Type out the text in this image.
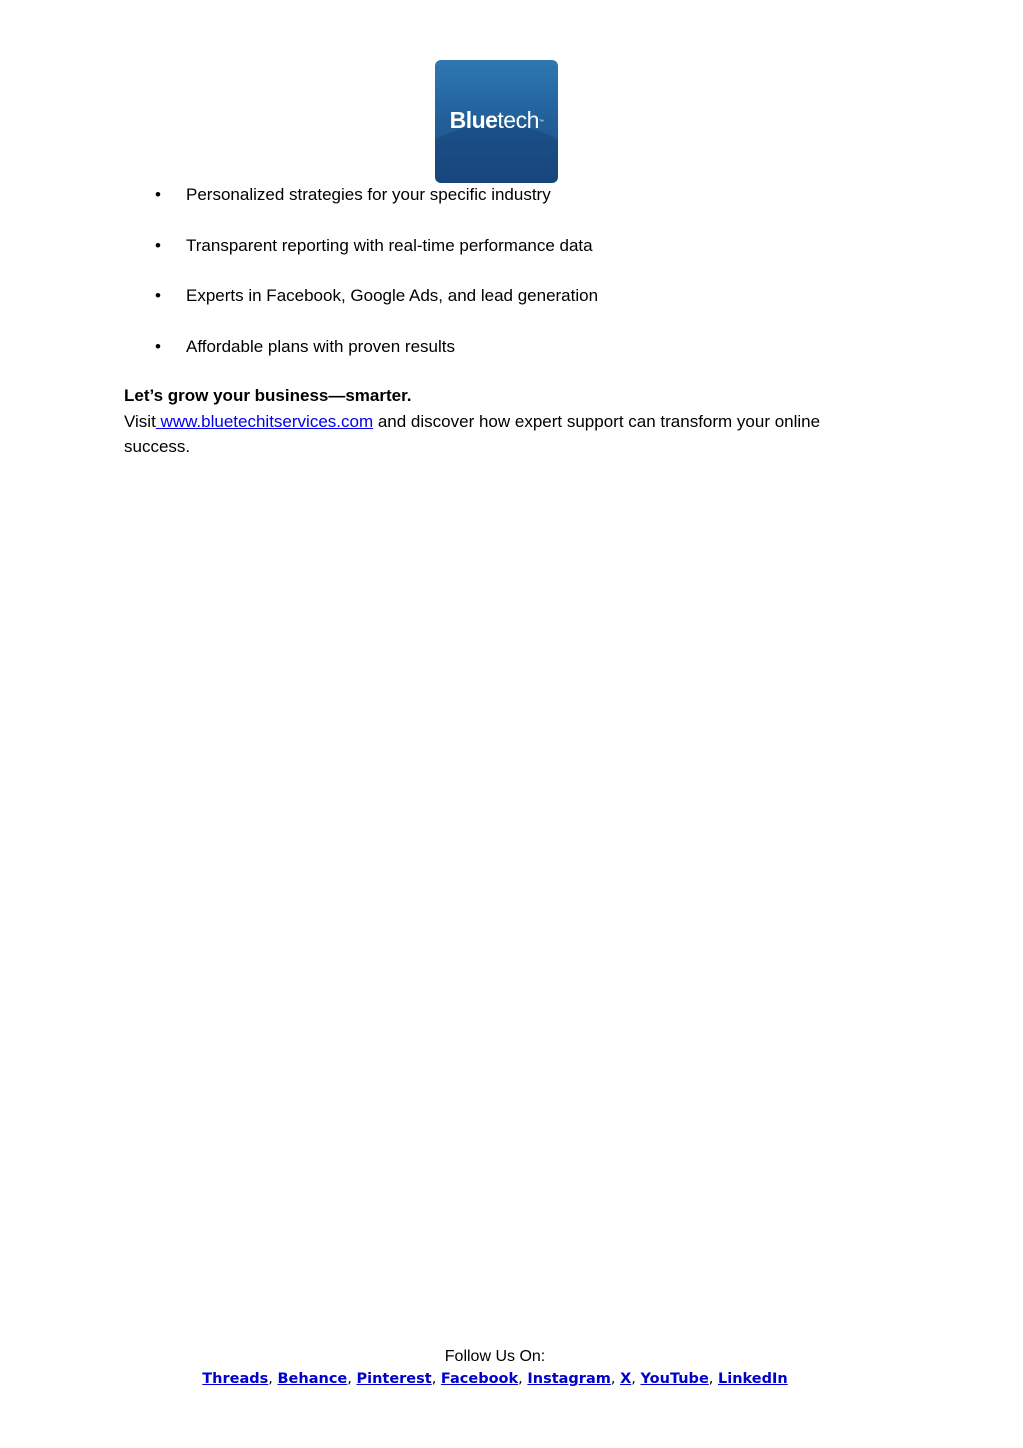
Bluetech™
• Personalized strategies for your specific industry
• Transparent reporting with real-time performance data
• Experts in Facebook, Google Ads, and lead generation
• Affordable plans with proven results
Let’s grow your business—smarter.
Visit www.bluetechitservices.com and discover how expert support can transform your online success.
Follow Us On:
Threads, Behance, Pinterest, Facebook, Instagram, X, YouTube, LinkedIn
